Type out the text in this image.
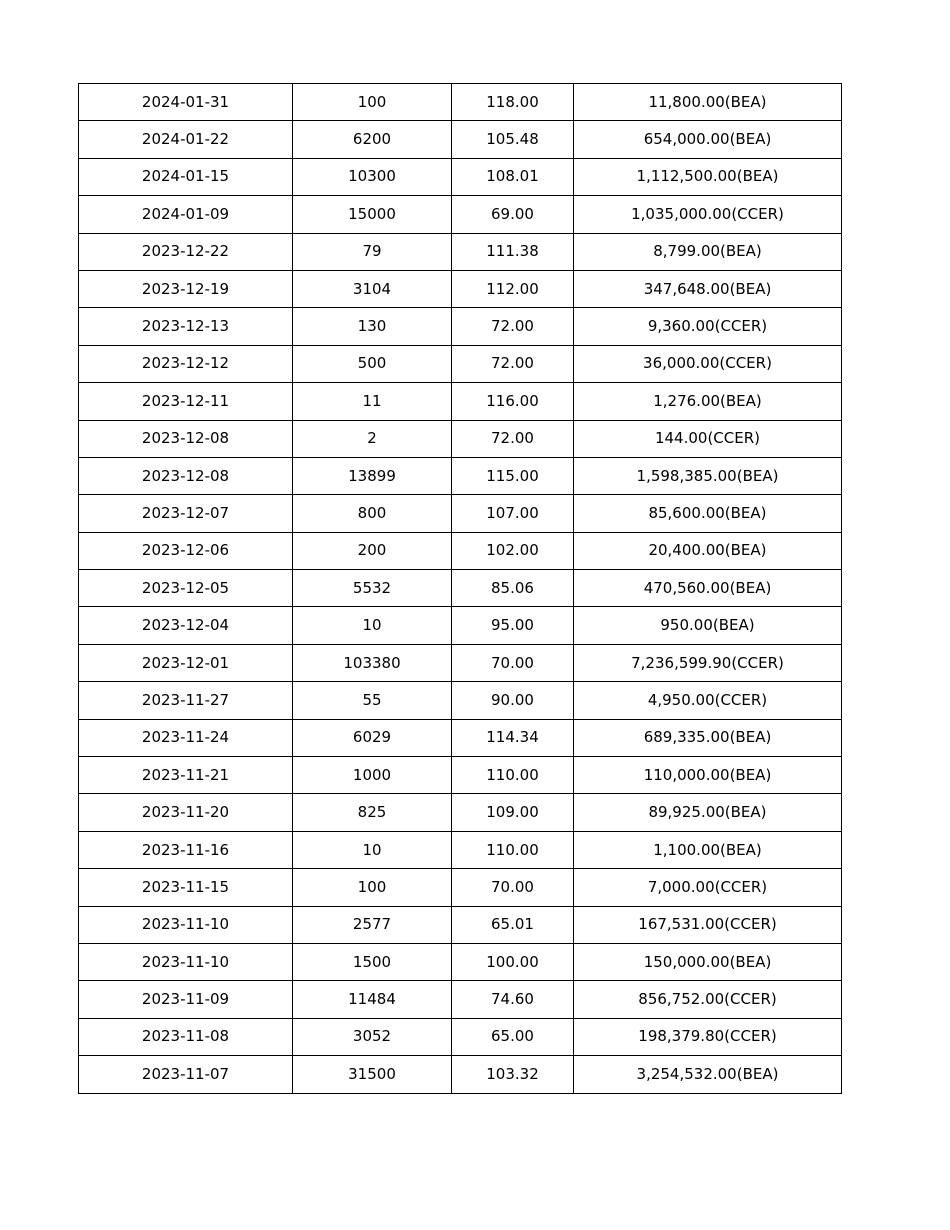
2024-01-31	100	118.00	11,800.00(BEA)
2024-01-22	6200	105.48	654,000.00(BEA)
2024-01-15	10300	108.01	1,112,500.00(BEA)
2024-01-09	15000	69.00	1,035,000.00(CCER)
2023-12-22	79	111.38	8,799.00(BEA)
2023-12-19	3104	112.00	347,648.00(BEA)
2023-12-13	130	72.00	9,360.00(CCER)
2023-12-12	500	72.00	36,000.00(CCER)
2023-12-11	11	116.00	1,276.00(BEA)
2023-12-08	2	72.00	144.00(CCER)
2023-12-08	13899	115.00	1,598,385.00(BEA)
2023-12-07	800	107.00	85,600.00(BEA)
2023-12-06	200	102.00	20,400.00(BEA)
2023-12-05	5532	85.06	470,560.00(BEA)
2023-12-04	10	95.00	950.00(BEA)
2023-12-01	103380	70.00	7,236,599.90(CCER)
2023-11-27	55	90.00	4,950.00(CCER)
2023-11-24	6029	114.34	689,335.00(BEA)
2023-11-21	1000	110.00	110,000.00(BEA)
2023-11-20	825	109.00	89,925.00(BEA)
2023-11-16	10	110.00	1,100.00(BEA)
2023-11-15	100	70.00	7,000.00(CCER)
2023-11-10	2577	65.01	167,531.00(CCER)
2023-11-10	1500	100.00	150,000.00(BEA)
2023-11-09	11484	74.60	856,752.00(CCER)
2023-11-08	3052	65.00	198,379.80(CCER)
2023-11-07	31500	103.32	3,254,532.00(BEA)
